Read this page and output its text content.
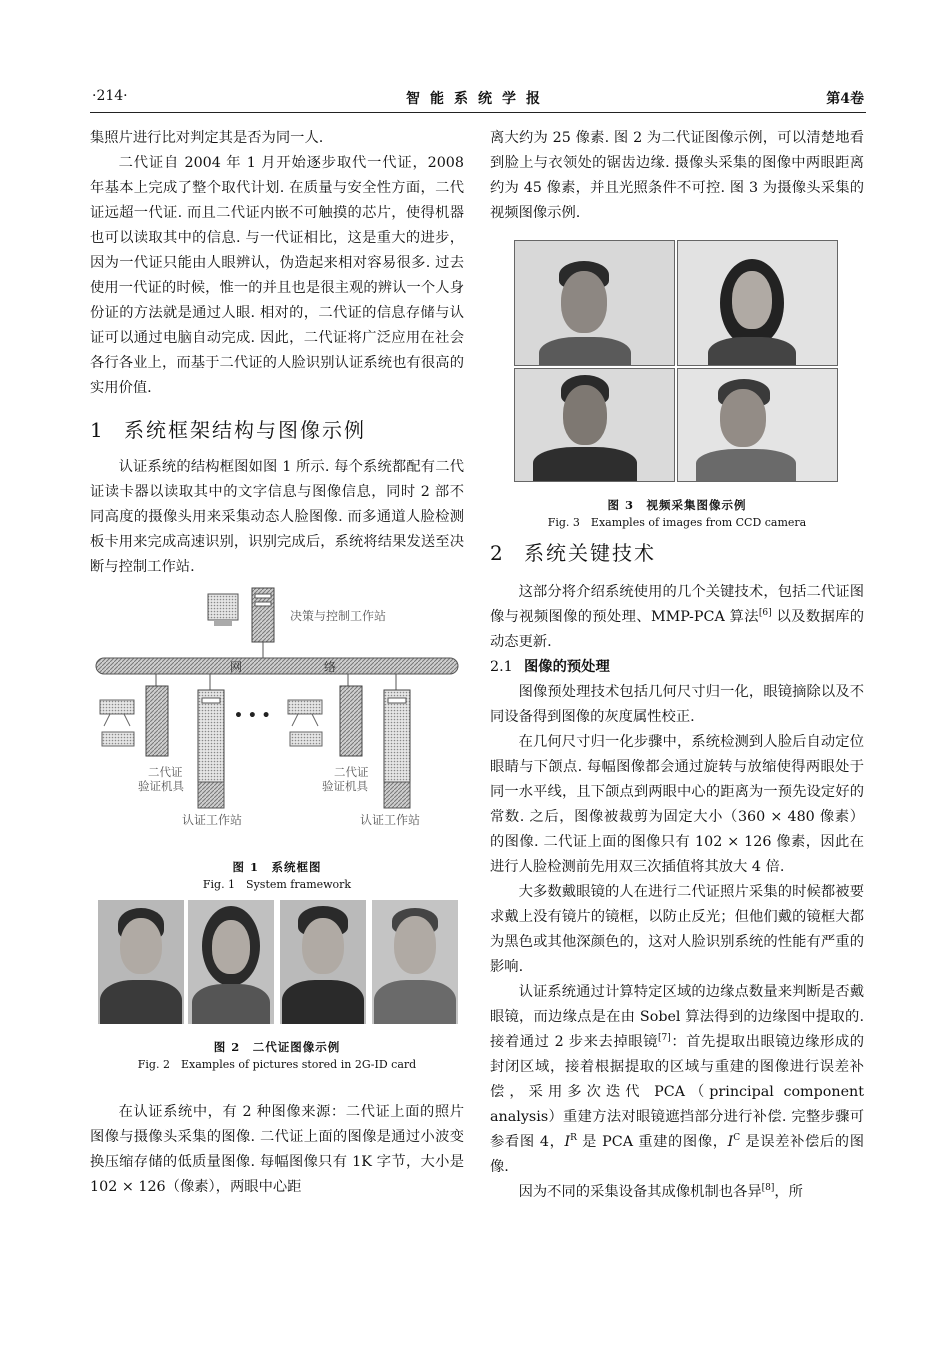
·214·	智能系统学报	第4卷

集照片进行比对判定其是否为同一人.

二代证自 2004 年 1 月开始逐步取代一代证，2008 年基本上完成了整个取代计划. 在质量与安全性方面，二代证远超一代证. 而且二代证内嵌不可触摸的芯片，使得机器也可以读取其中的信息. 与一代证相比，这是重大的进步，因为一代证只能由人眼辨认，伪造起来相对容易很多. 过去使用一代证的时候，惟一的并且也是很主观的辨认一个人身份证的方法就是通过人眼. 相对的，二代证的信息存储与认证可以通过电脑自动完成. 因此，二代证将广泛应用在社会各行各业上，而基于二代证的人脸识别认证系统也有很高的实用价值.

1 系统框架结构与图像示例

认证系统的结构框图如图 1 所示. 每个系统都配有二代证读卡器以读取其中的文字信息与图像信息，同时 2 部不同高度的摄像头用来采集动态人脸图像. 而多通道人脸检测板卡用来完成高速识别，识别完成后，系统将结果发送至决断与控制工作站.

决策与控制工作站
网	络
• • •
二代证验证机具
二代证验证机具
认证工作站	认证工作站
图 1　系统框图
Fig. 1　System framework
图 2　二代证图像示例
Fig. 2　Examples of pictures stored in 2G-ID card

在认证系统中，有 2 种图像来源：二代证上面的照片图像与摄像头采集的图像. 二代证上面的图像是通过小波变换压缩存储的低质量图像. 每幅图像只有 1K 字节，大小是 102 × 126（像素），两眼中心距

离大约为 25 像素. 图 2 为二代证图像示例，可以清楚地看到脸上与衣领处的锯齿边缘. 摄像头采集的图像中两眼距离约为 45 像素，并且光照条件不可控. 图 3 为摄像头采集的视频图像示例.

图 3　视频采集图像示例
Fig. 3　Examples of images from CCD camera
2 系统关键技术

这部分将介绍系统使用的几个关键技术，包括二代证图像与视频图像的预处理、MMP-PCA 算法[6] 以及数据库的动态更新.

2.1 图像的预处理

图像预处理技术包括几何尺寸归一化，眼镜摘除以及不同设备得到图像的灰度属性校正.

在几何尺寸归一化步骤中，系统检测到人脸后自动定位眼睛与下颌点. 每幅图像都会通过旋转与放缩使得两眼处于同一水平线，且下颌点到两眼中心的距离为一预先设定好的常数. 之后，图像被裁剪为固定大小（360 × 480 像素）的图像. 二代证上面的图像只有 102 × 126 像素，因此在进行人脸检测前先用双三次插值将其放大 4 倍.

大多数戴眼镜的人在进行二代证照片采集的时候都被要求戴上没有镜片的镜框，以防止反光；但他们戴的镜框大都为黑色或其他深颜色的，这对人脸识别系统的性能有严重的影响.

认证系统通过计算特定区域的边缘点数量来判断是否戴眼镜，而边缘点是在由 Sobel 算法得到的边缘图中提取的. 接着通过 2 步来去掉眼镜[7]：首先提取出眼镜边缘形成的封闭区域，接着根据提取的区域与重建的图像进行误差补偿，采用多次迭代 PCA（principal component analysis）重建方法对眼镜遮挡部分进行补偿. 完整步骤可参看图 4，$I^R$ 是 PCA 重建的图像，$I^C$ 是误差补偿后的图像.

因为不同的采集设备其成像机制也各异[8]，所
